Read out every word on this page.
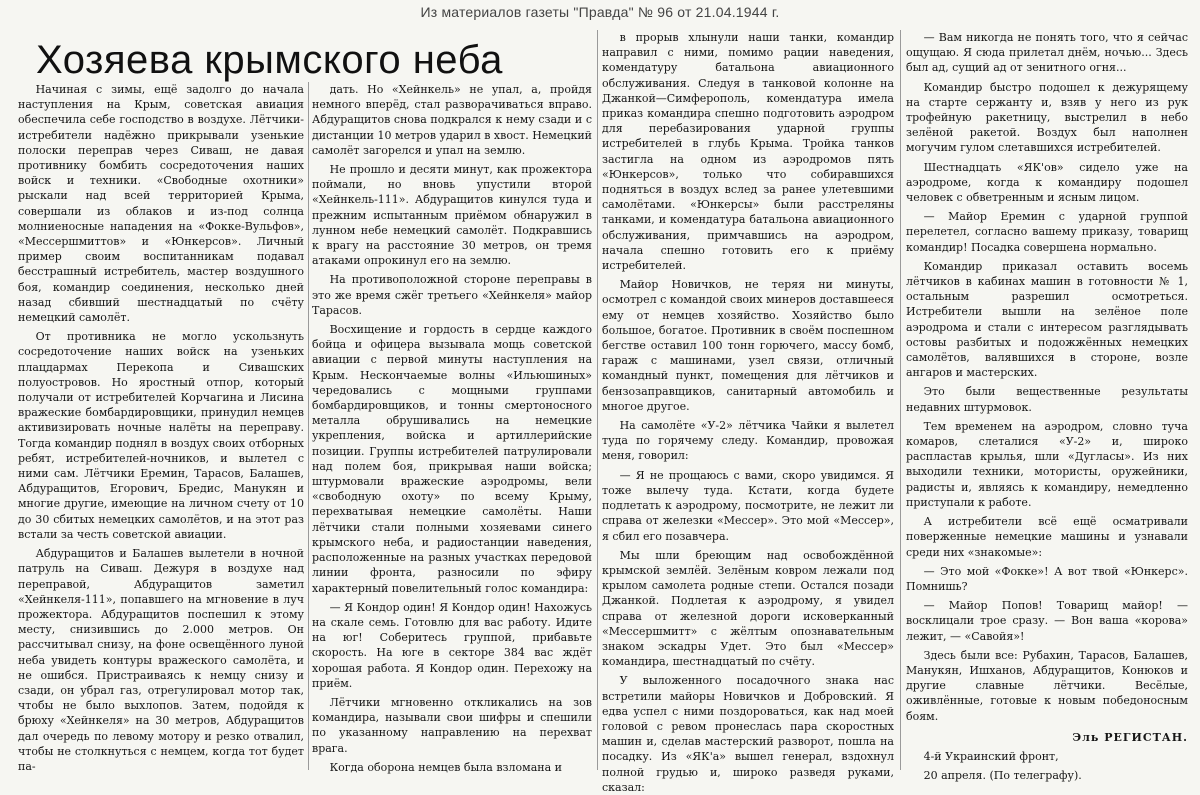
Из материалов газеты "Правда" № 96 от 21.04.1944 г.
Хозяева крымского неба

Начиная с зимы, ещё задолго до начала наступления на Крым, советская авиация обеспечила себе господство в воздухе. Лётчики-истребители надёжно прикрывали узенькие полоски переправ через Сиваш, не давая противнику бомбить сосредоточения наших войск и техники. «Свободные охотники» рыскали над всей территорией Крыма, совершали из облаков и из-под солнца молниеносные нападения на «Фокке-Вульфов», «Мессершмиттов» и «Юнкерсов». Личный пример своим воспитанникам подавал бесстрашный истребитель, мастер воздушного боя, командир соединения, несколько дней назад сбивший шестнадцатый по счёту немецкий самолёт.

От противника не могло ускользнуть сосредоточение наших войск на узеньких плацдармах Перекопа и Сивашских полуостровов. Но яростный отпор, который получали от истребителей Корчагина и Лисина вражеские бомбардировщики, принудил немцев активизировать ночные налёты на переправу. Тогда командир поднял в воздух своих отборных ребят, истребителей-ночников, и вылетел с ними сам. Лётчики Еремин, Тарасов, Балашев, Абдуращитов, Егорович, Бредис, Манукян и многие другие, имеющие на личном счету от 10 до 30 сбитых немецких самолётов, и на этот раз встали за честь советской авиации.

Абдуращитов и Балашев вылетели в ночной патруль на Сиваш. Дежуря в воздухе над переправой, Абдуращитов заметил «Хейнкеля-111», попавшего на мгновение в луч прожектора. Абдуращитов поспешил к этому месту, снизившись до 2.000 метров. Он рассчитывал снизу, на фоне освещённого луной неба увидеть контуры вражеского самолёта, и не ошибся. Пристраиваясь к немцу снизу и сзади, он убрал газ, отрегулировал мотор так, чтобы не было выхлопов. Затем, подойдя к брюху «Хейнкеля» на 30 метров, Абдуращитов дал очередь по левому мотору и резко отвалил, чтобы не столкнуться с немцем, когда тот будет па-

дать. Но «Хейнкель» не упал, а, пройдя немного вперёд, стал разворачиваться вправо. Абдуращитов снова подкрался к нему сзади и с дистанции 10 метров ударил в хвост. Немецкий самолёт загорелся и упал на землю.

Не прошло и десяти минут, как прожектора поймали, но вновь упустили второй «Хейнкель-111». Абдуращитов кинулся туда и прежним испытанным приёмом обнаружил в лунном небе немецкий самолёт. Подкравшись к врагу на расстояние 30 метров, он тремя атаками опрокинул его на землю.

На противоположной стороне переправы в это же время сжёг третьего «Хейнкеля» майор Тарасов.

Восхищение и гордость в сердце каждого бойца и офицера вызывала мощь советской авиации с первой минуты наступления на Крым. Нескончаемые волны «Ильюшиных» чередовались с мощными группами бомбардировщиков, и тонны смертоносного металла обрушивались на немецкие укрепления, войска и артиллерийские позиции. Группы истребителей патрулировали над полем боя, прикрывая наши войска; штурмовали вражеские аэродромы, вели «свободную охоту» по всему Крыму, перехватывая немецкие самолёты. Наши лётчики стали полными хозяевами синего крымского неба, и радиостанции наведения, расположенные на разных участках передовой линии фронта, разносили по эфиру характерный повелительный голос командира:

— Я Кондор один! Я Кондор один! Нахожусь на скале семь. Готовлю для вас работу. Идите на юг! Соберитесь группой, прибавьте скорость. На юге в секторе 384 вас ждёт хорошая работа. Я Кондор один. Перехожу на приём.

Лётчики мгновенно откликались на зов командира, называли свои шифры и спешили по указанному направлению на перехват врага.

Когда оборона немцев была взломана и

в прорыв хлынули наши танки, командир направил с ними, помимо рации наведения, комендатуру батальона авиационного обслуживания. Следуя в танковой колонне на Джанкой—Симферополь, комендатура имела приказ командира спешно подготовить аэродром для перебазирования ударной группы истребителей в глубь Крыма. Тройка танков застигла на одном из аэродромов пять «Юнкерсов», только что собиравшихся подняться в воздух вслед за ранее улетевшими самолётами. «Юнкерсы» были расстреляны танками, и комендатура батальона авиационного обслуживания, примчавшись на аэродром, начала спешно готовить его к приёму истребителей.

Майор Новичков, не теряя ни минуты, осмотрел с командой своих минеров доставшееся ему от немцев хозяйство. Хозяйство было большое, богатое. Противник в своём поспешном бегстве оставил 100 тонн горючего, массу бомб, гараж с машинами, узел связи, отличный командный пункт, помещения для лётчиков и бензозаправщиков, санитарный автомобиль и многое другое.

На самолёте «У-2» лётчика Чайки я вылетел туда по горячему следу. Командир, провожая меня, говорил:

— Я не прощаюсь с вами, скоро увидимся. Я тоже вылечу туда. Кстати, когда будете подлетать к аэродрому, посмотрите, не лежит ли справа от железки «Мессер». Это мой «Мессер», я сбил его позавчера.

Мы шли бреющим над освобождённой крымской землёй. Зелёным ковром лежали под крылом самолета родные степи. Остался позади Джанкой. Подлетая к аэродрому, я увидел справа от железной дороги исковерканный «Мессершмитт» с жёлтым опознавательным знаком эскадры Удет. Это был «Мессер» командира, шестнадцатый по счёту.

У выложенного посадочного знака нас встретили майоры Новичков и Добровский. Я едва успел с ними поздороваться, как над моей головой с ревом пронеслась пара скоростных машин и, сделав мастерский разворот, пошла на посадку. Из «ЯК'а» вышел генерал, вздохнул полной грудью и, широко разведя руками, сказал:

— Вам никогда не понять того, что я сейчас ощущаю. Я сюда прилетал днём, ночью... Здесь был ад, сущий ад от зенитного огня...

Командир быстро подошел к дежурящему на старте сержанту и, взяв у него из рук трофейную ракетницу, выстрелил в небо зелёной ракетой. Воздух был наполнен могучим гулом слетавшихся истребителей.

Шестнадцать «ЯК'ов» сидело уже на аэродроме, когда к командиру подошел человек с обветренным и ясным лицом.

— Майор Еремин с ударной группой перелетел, согласно вашему приказу, товарищ командир! Посадка совершена нормально.

Командир приказал оставить восемь лётчиков в кабинах машин в готовности № 1, остальным разрешил осмотреться. Истребители вышли на зелёное поле аэродрома и стали с интересом разглядывать остовы разбитых и подожжённых немецких самолётов, валявшихся в стороне, возле ангаров и мастерских.

Это были вещественные результаты недавних штурмовок.

Тем временем на аэродром, словно туча комаров, слеталися «У-2» и, широко распластав крылья, шли «Дугласы». Из них выходили техники, мотористы, оружейники, радисты и, являясь к командиру, немедленно приступали к работе.

А истребители всё ещё осматривали поверженные немецкие машины и узнавали среди них «знакомые»:

— Это мой «Фокке»! А вот твой «Юнкерс». Помнишь?

— Майор Попов! Товарищ майор! — восклицали трое сразу. — Вон ваша «корова» лежит, — «Савойя»!

Здесь были все: Рубахин, Тарасов, Балашев, Манукян, Ишханов, Абдуращитов, Конюков и другие славные лётчики. Весёлые, оживлённые, готовые к новым победоносным боям.

Эль РЕГИСТАН.

4-й Украинский фронт,

20 апреля. (По телеграфу).
